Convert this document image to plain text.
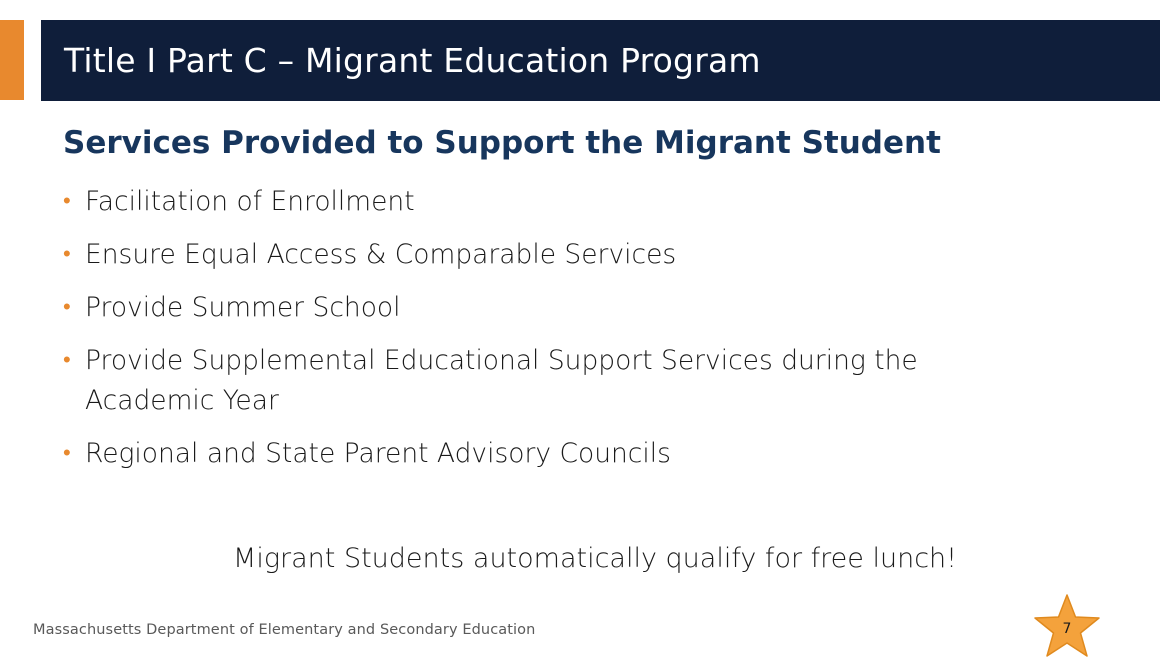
Title I Part C – Migrant Education Program
Services Provided to Support the Migrant Student
• Facilitation of Enrollment
• Ensure Equal Access & Comparable Services
• Provide Summer School
• Provide Supplemental Educational Support Services during the Academic Year
• Regional and State Parent Advisory Councils
Migrant Students automatically qualify for free lunch!
Massachusetts Department of Elementary and Secondary Education	7
